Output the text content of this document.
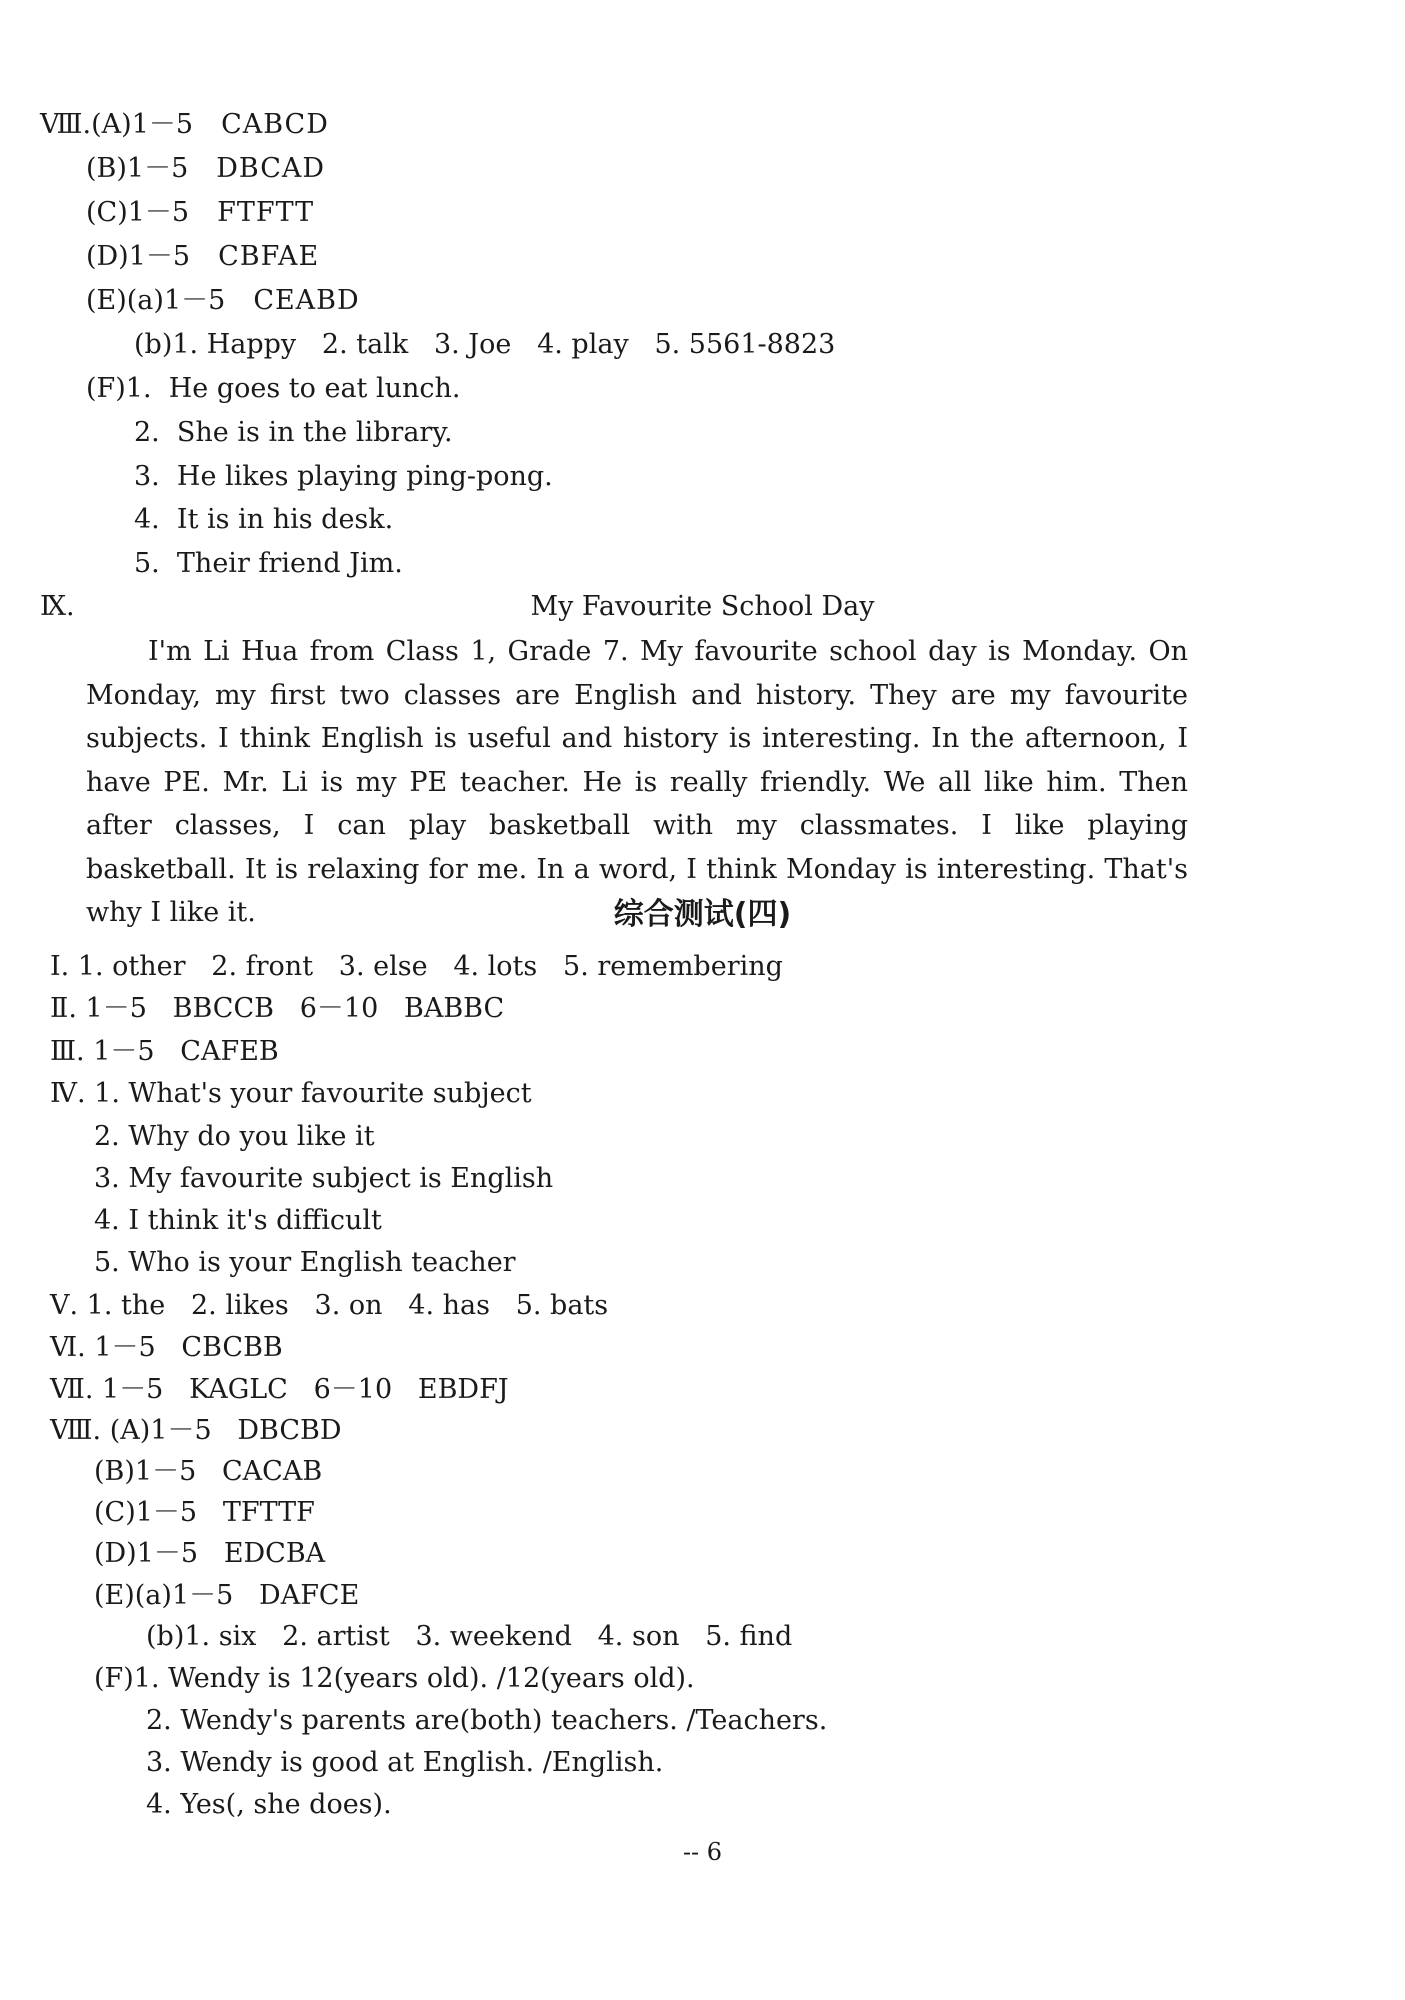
Ⅷ.(A)1－5 CABCD
(B)1－5 DBCAD
(C)1－5 FTFTT
(D)1－5 CBFAE
(E)(a)1－5 CEABD
(b)1. Happy   2. talk   3. Joe   4. play   5. 5561-8823
(F)1.  He goes to eat lunch.
2.  She is in the library.
3.  He likes playing ping-pong.
4.  It is in his desk.
5.  Their friend Jim.
Ⅸ.	My Favourite School Day
I'm Li Hua from Class 1, Grade 7. My favourite school day is Monday. On Monday, my first two classes are English and history. They are my favourite subjects. I think English is useful and history is interesting. In the afternoon, I have PE. Mr. Li is my PE teacher. He is really friendly. We all like him. Then after classes, I can play basketball with my classmates. I like playing basketball. It is relaxing for me. In a word, I think Monday is interesting. That's why I like it.	综合测试(四)
Ⅰ. 1. other   2. front   3. else   4. lots   5. remembering
Ⅱ. 1－5   BBCCB   6－10   BABBC
Ⅲ. 1－5   CAFEB
Ⅳ. 1. What's your favourite subject
2. Why do you like it
3. My favourite subject is English
4. I think it's difficult
5. Who is your English teacher
Ⅴ. 1. the   2. likes   3. on   4. has   5. bats
Ⅵ. 1－5   CBCBB
Ⅶ. 1－5   KAGLC   6－10   EBDFJ
Ⅷ. (A)1－5   DBCBD
(B)1－5   CACAB
(C)1－5   TFTTF
(D)1－5   EDCBA
(E)(a)1－5   DAFCE
(b)1. six   2. artist   3. weekend   4. son   5. find
(F)1. Wendy is 12(years old). /12(years old).
2. Wendy's parents are(both) teachers. /Teachers.
3. Wendy is good at English. /English.
4. Yes(, she does).
-- 6
